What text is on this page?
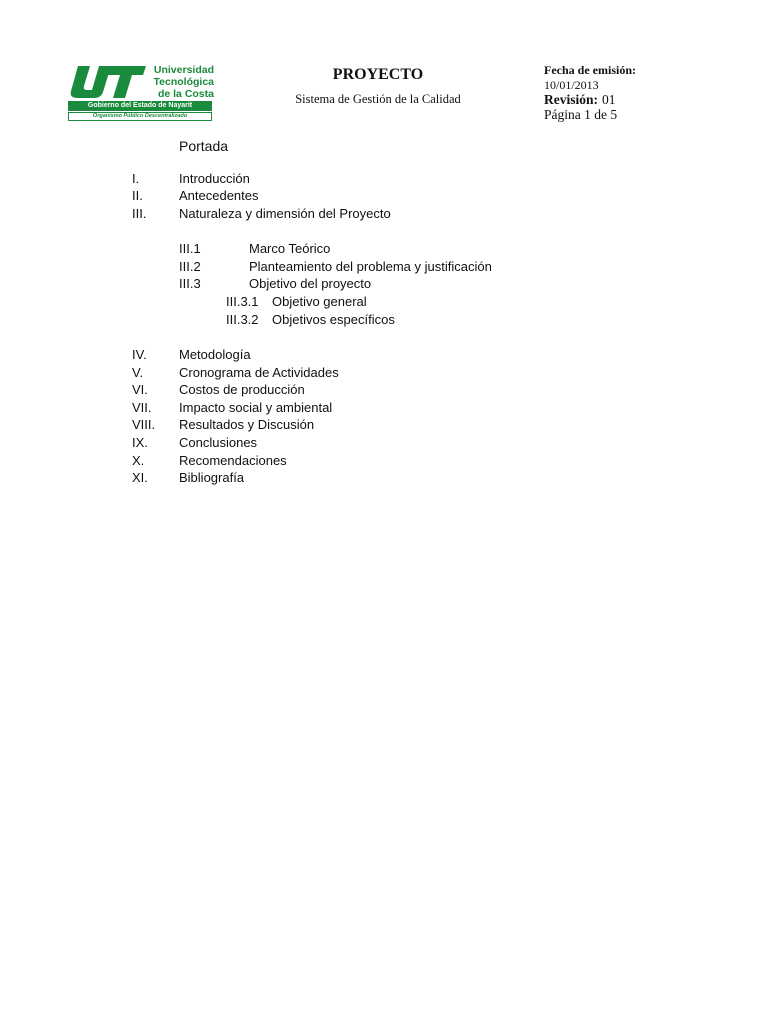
Universidad
Tecnológica
de la Costa
Gobierno del Estado de Nayarit
Organismo Público Descentralizado
PROYECTO
Sistema de Gestión de la Calidad
Fecha de emisión:
10/01/2013
Revisión: 01
Página 1 de 5
Portada
I.	Introducción
II.	Antecedentes
III.	Naturaleza y dimensión del Proyecto
III.1	Marco Teórico
III.2	Planteamiento del problema y justificación
III.3	Objetivo del proyecto
III.3.1 Objetivo general
III.3.2 Objetivos específicos
IV. Metodología
V.	Cronograma de Actividades
VI. Costos de producción
VII. Impacto social y ambiental
VIII. Resultados y Discusión
IX. Conclusiones
X.	Recomendaciones
XI. Bibliografía
